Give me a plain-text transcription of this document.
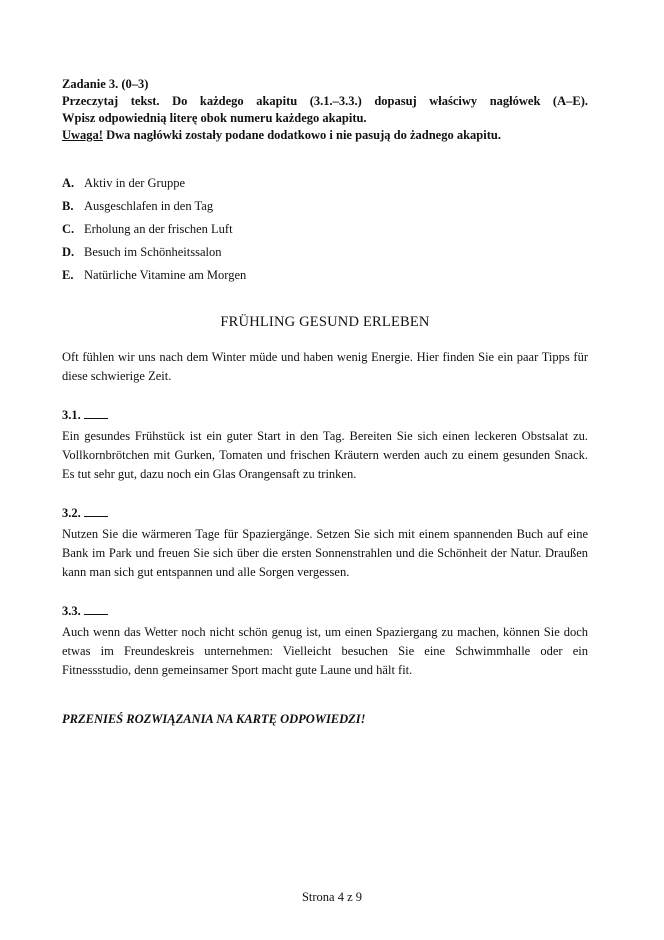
Zadanie 3. (0–3)
Przeczytaj tekst. Do każdego akapitu (3.1.–3.3.) dopasuj właściwy nagłówek (A–E).
Wpisz odpowiednią literę obok numeru każdego akapitu.
Uwaga! Dwa nagłówki zostały podane dodatkowo i nie pasują do żadnego akapitu.
A. Aktiv in der Gruppe
B. Ausgeschlafen in den Tag
C. Erholung an der frischen Luft
D. Besuch im Schönheitssalon
E. Natürliche Vitamine am Morgen
FRÜHLING GESUND ERLEBEN

Oft fühlen wir uns nach dem Winter müde und haben wenig Energie. Hier finden Sie ein paar Tipps für diese schwierige Zeit.

3.1.

Ein gesundes Frühstück ist ein guter Start in den Tag. Bereiten Sie sich einen leckeren Obstsalat zu. Vollkornbrötchen mit Gurken, Tomaten und frischen Kräutern werden auch zu einem gesunden Snack. Es tut sehr gut, dazu noch ein Glas Orangensaft zu trinken.

3.2.

Nutzen Sie die wärmeren Tage für Spaziergänge. Setzen Sie sich mit einem spannenden Buch auf eine Bank im Park und freuen Sie sich über die ersten Sonnenstrahlen und die Schönheit der Natur. Draußen kann man sich gut entspannen und alle Sorgen vergessen.

3.3.

Auch wenn das Wetter noch nicht schön genug ist, um einen Spaziergang zu machen, können Sie doch etwas im Freundeskreis unternehmen: Vielleicht besuchen Sie eine Schwimmhalle oder ein Fitnessstudio, denn gemeinsamer Sport macht gute Laune und hält fit.

PRZENIEŚ ROZWIĄZANIA NA KARTĘ ODPOWIEDZI!
Strona 4 z 9
